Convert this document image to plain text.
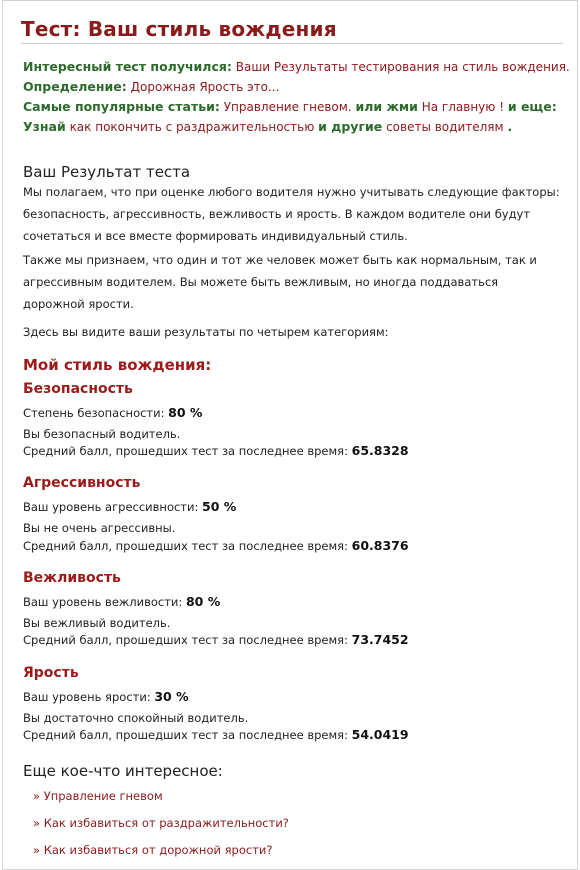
Тест: Ваш стиль вождения
Интересный тест получился: Ваши Результаты тестирования на стиль вождения.
Определение: Дорожная Ярость это...
Самые популярные статьи: Управление гневом. или жми На главную ! и еще:
Узнай как покончить с раздражительностью и другие советы водителям .
Ваш Результат теста
Мы полагаем, что при оценке любого водителя нужно учитывать следующие факторы: безопасность, агрессивность, вежливость и ярость. В каждом водителе они будут сочетаться и все вместе формировать индивидуальный стиль.
Также мы признаем, что один и тот же человек может быть как нормальным, так и агрессивным водителем. Вы можете быть вежливым, но иногда поддаваться дорожной ярости.
Здесь вы видите ваши результаты по четырем категориям:
Мой стиль вождения:
Безопасность
Степень безопасности: 80 %
Вы безопасный водитель.
Средний балл, прошедших тест за последнее время: 65.8328
Агрессивность
Ваш уровень агрессивности: 50 %
Вы не очень агрессивны.
Средний балл, прошедших тест за последнее время: 60.8376
Вежливость
Ваш уровень вежливости: 80 %
Вы вежливый водитель.
Средний балл, прошедших тест за последнее время: 73.7452
Ярость
Ваш уровень ярости: 30 %
Вы достаточно спокойный водитель.
Средний балл, прошедших тест за последнее время: 54.0419
Еще кое-что интересное:
» Управление гневом
» Как избавиться от раздражительности?
» Как избавиться от дорожной ярости?
